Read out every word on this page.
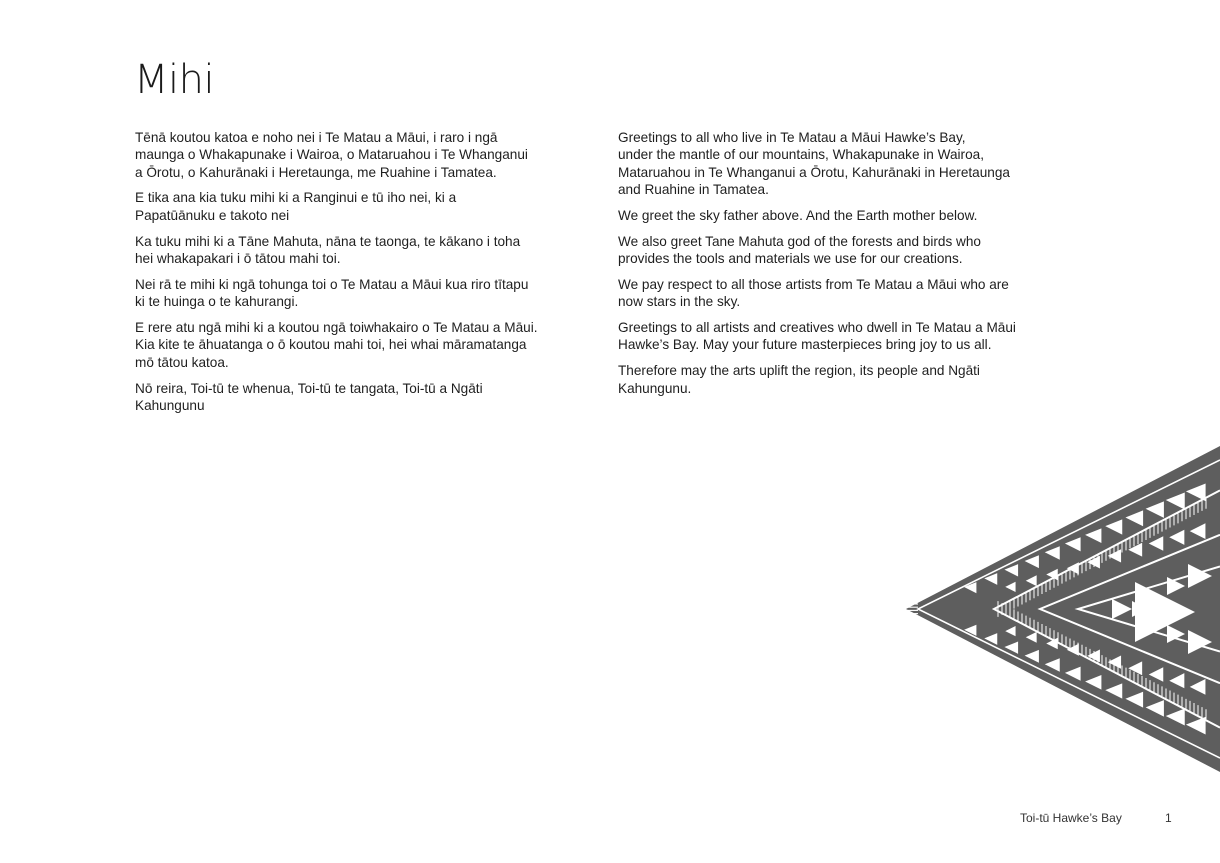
Mihi

Tēnā koutou katoa e noho nei i Te Matau a Māui, i raro i ngā
maunga o Whakapunake i Wairoa, o Mataruahou i Te Whanganui
a Ōrotu, o Kahurānaki i Heretaunga, me Ruahine i Tamatea.

E tika ana kia tuku mihi ki a Ranginui e tū iho nei, ki a
Papatūānuku e takoto nei

Ka tuku mihi ki a Tāne Mahuta, nāna te taonga, te kākano i toha
hei whakapakari i ō tātou mahi toi.

Nei rā te mihi ki ngā tohunga toi o Te Matau a Māui kua riro tītapu
ki te huinga o te kahurangi.

E rere atu ngā mihi ki a koutou ngā toiwhakairo o Te Matau a Māui.
Kia kite te āhuatanga o ō koutou mahi toi, hei whai māramatanga
mō tātou katoa.

Nō reira, Toi-tū te whenua, Toi-tū te tangata, Toi-tū a Ngāti
Kahungunu

Greetings to all who live in Te Matau a Māui Hawke’s Bay,
under the mantle of our mountains, Whakapunake in Wairoa,
Mataruahou in Te Whanganui a Ōrotu, Kahurānaki in Heretaunga
and Ruahine in Tamatea.

We greet the sky father above. And the Earth mother below.

We also greet Tane Mahuta god of the forests and birds who
provides the tools and materials we use for our creations.

We pay respect to all those artists from Te Matau a Māui who are
now stars in the sky.

Greetings to all artists and creatives who dwell in Te Matau a Māui
Hawke’s Bay. May your future masterpieces bring joy to us all.

Therefore may the arts uplift the region, its people and Ngāti
Kahungunu.

Toi-tū Hawke’s Bay	1
